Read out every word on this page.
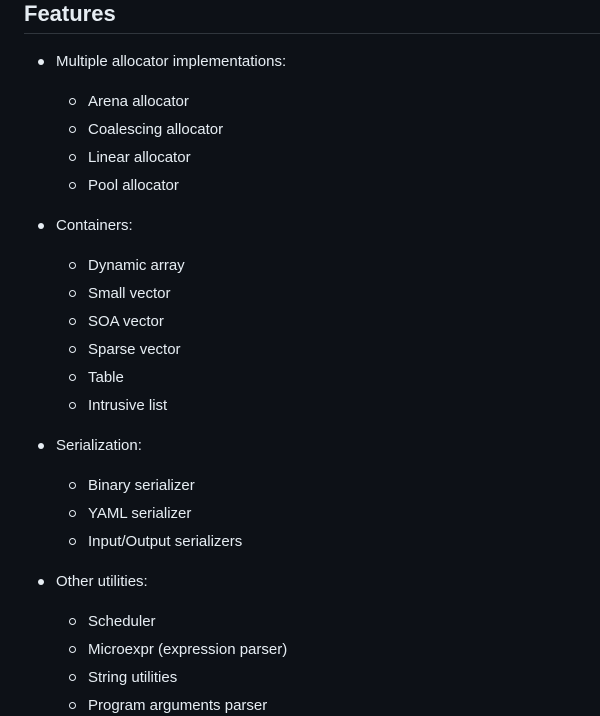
Features
Multiple allocator implementations:
Arena allocator
Coalescing allocator
Linear allocator
Pool allocator
Containers:
Dynamic array
Small vector
SOA vector
Sparse vector
Table
Intrusive list
Serialization:
Binary serializer
YAML serializer
Input/Output serializers
Other utilities:
Scheduler
Microexpr (expression parser)
String utilities
Program arguments parser
